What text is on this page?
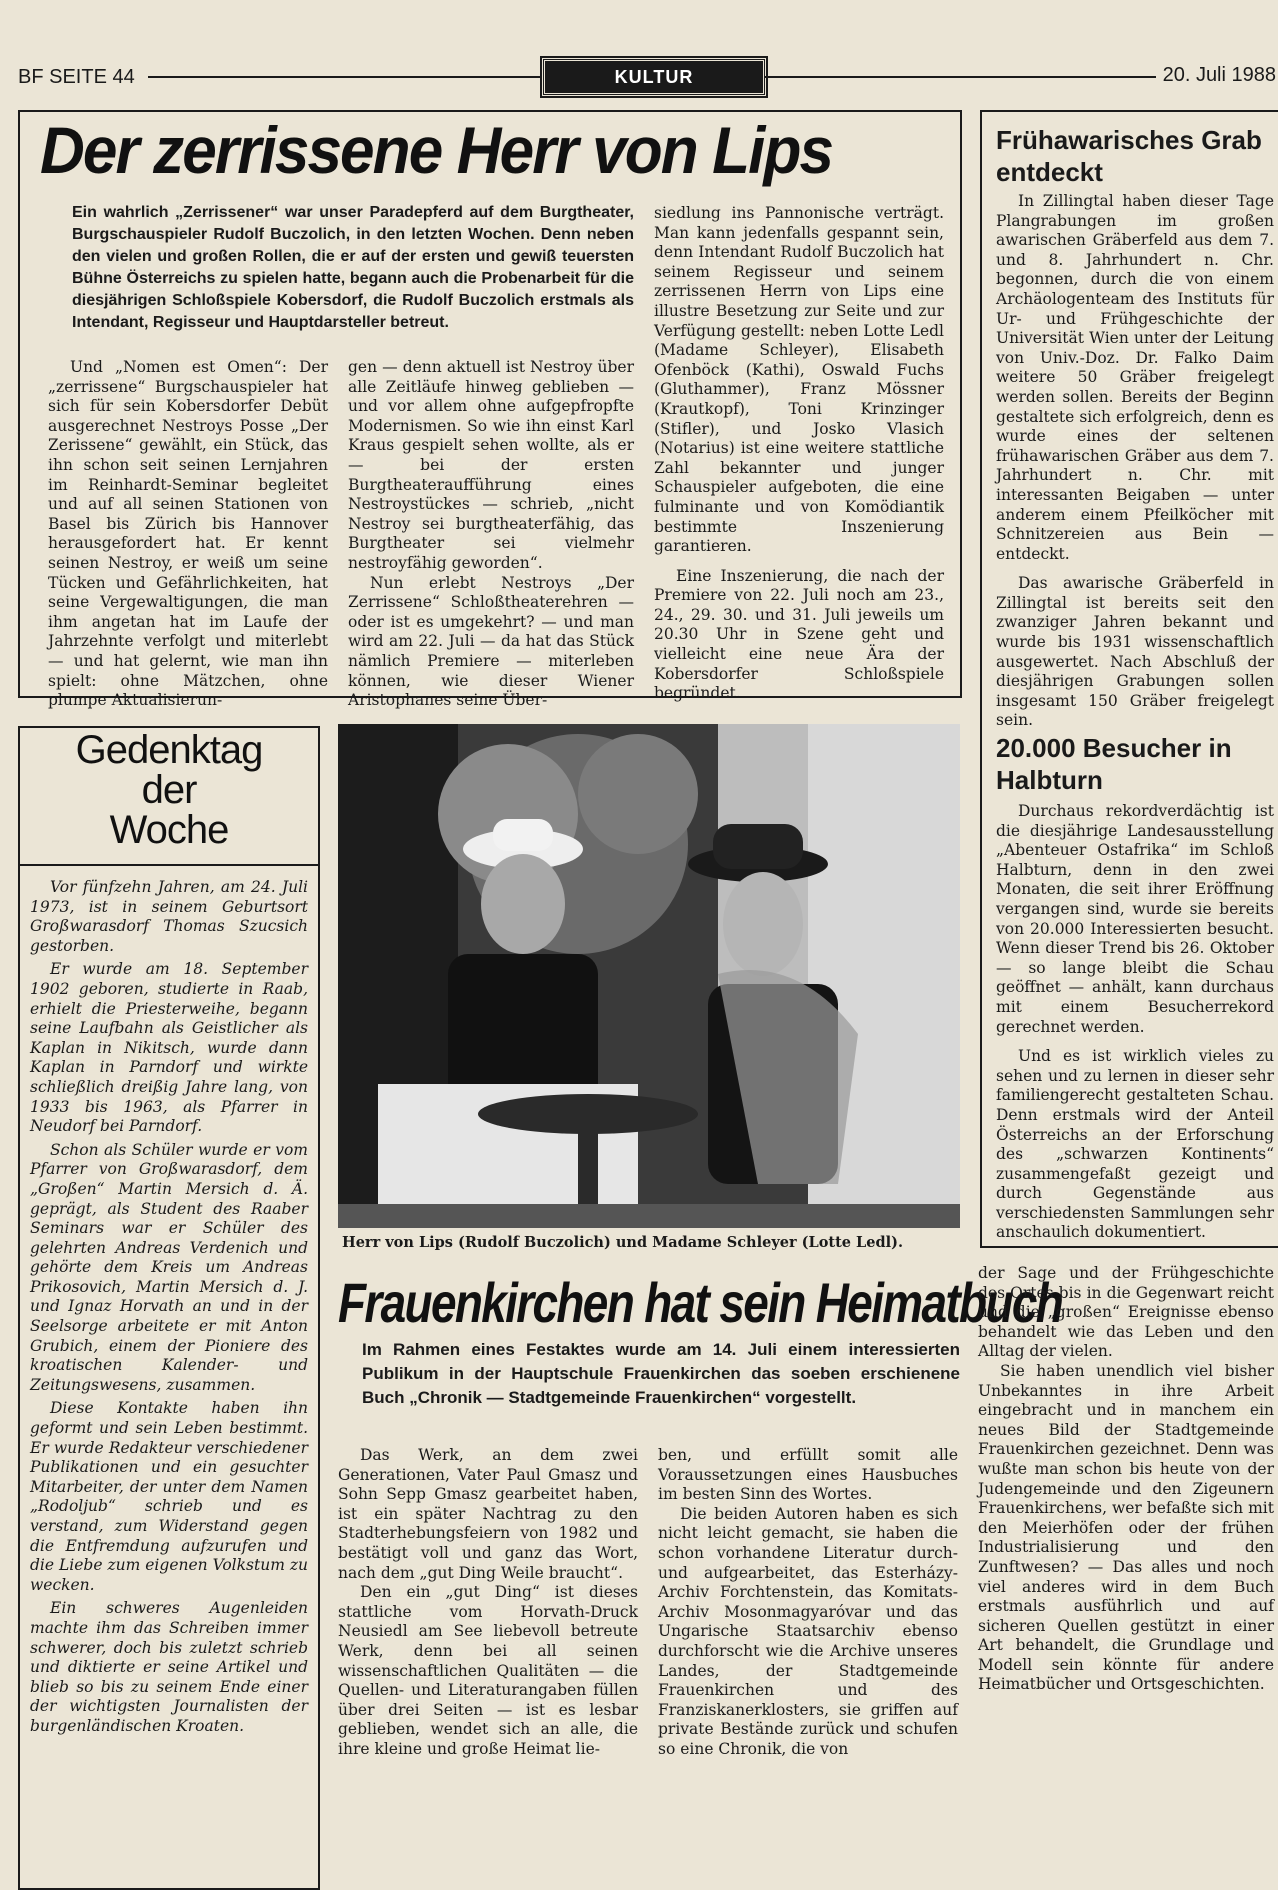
BF SEITE 44	KULTUR	20. Juli 1988
Der zerrissene Herr von Lips
Ein wahrlich „Zerrissener“ war unser Paradepferd auf dem Burgtheater, Burgschauspieler Rudolf Buczolich, in den letzten Wochen. Denn neben den vielen und großen Rollen, die er auf der ersten und gewiß teuersten Bühne Österreichs zu spielen hatte, begann auch die Probenarbeit für die diesjährigen Schloßspiele Kobersdorf, die Rudolf Buczolich erstmals als Intendant, Regisseur und Hauptdarsteller betreut.

Und „Nomen est Omen“: Der „zerrissene“ Burgschauspieler hat sich für sein Kobersdorfer Debüt ausgerechnet Nestroys Posse „Der Zerissene“ gewählt, ein Stück, das ihn schon seit seinen Lernjahren im Reinhardt-Seminar begleitet und auf all seinen Stationen von Basel bis Zürich bis Hannover herausgefordert hat. Er kennt seinen Nestroy, er weiß um seine Tücken und Gefährlichkeiten, hat seine Vergewaltigungen, die man ihm angetan hat im Laufe der Jahrzehnte verfolgt und miterlebt — und hat gelernt, wie man ihn spielt: ohne Mätzchen, ohne plumpe Aktualisierun-

gen — denn aktuell ist Nestroy über alle Zeitläufe hinweg geblieben — und vor allem ohne aufgepfropfte Modernismen. So wie ihn einst Karl Kraus gespielt sehen wollte, als er — bei der ersten Burgtheateraufführung eines Nestroystückes — schrieb, „nicht Nestroy sei burgtheaterfähig, das Burgtheater sei vielmehr nestroyfähig geworden“.

Nun erlebt Nestroys „Der Zerrissene“ Schloßtheaterehren — oder ist es umgekehrt? — und man wird am 22. Juli — da hat das Stück nämlich Premiere — miterleben können, wie dieser Wiener Aristophanes seine Über-

siedlung ins Pannonische verträgt. Man kann jedenfalls gespannt sein, denn Intendant Rudolf Buczolich hat seinem Regisseur und seinem zerrissenen Herrn von Lips eine illustre Besetzung zur Seite und zur Verfügung gestellt: neben Lotte Ledl (Madame Schleyer), Elisabeth Ofenböck (Kathi), Oswald Fuchs (Gluthammer), Franz Mössner (Krautkopf), Toni Krinzinger (Stifler), und Josko Vlasich (Notarius) ist eine weitere stattliche Zahl bekannter und junger Schauspieler aufgeboten, die eine fulminante und von Komödiantik bestimmte Inszenierung garantieren.

Eine Inszenierung, die nach der Premiere von 22. Juli noch am 23., 24., 29. 30. und 31. Juli jeweils um 20.30 Uhr in Szene geht und vielleicht eine neue Ära der Kobersdorfer Schloßspiele begründet.

Frühawarisches Grab entdeckt

In Zillingtal haben dieser Tage Plangrabungen im großen awarischen Gräberfeld aus dem 7. und 8. Jahrhundert n. Chr. begonnen, durch die von einem Archäologenteam des Instituts für Ur- und Frühgeschichte der Universität Wien unter der Leitung von Univ.-Doz. Dr. Falko Daim weitere 50 Gräber freigelegt werden sollen. Bereits der Beginn gestaltete sich erfolgreich, denn es wurde eines der seltenen frühawarischen Gräber aus dem 7. Jahrhundert n. Chr. mit interessanten Beigaben — unter anderem einem Pfeilköcher mit Schnitzereien aus Bein — entdeckt.

Das awarische Gräberfeld in Zillingtal ist bereits seit den zwanziger Jahren bekannt und wurde bis 1931 wissenschaftlich ausgewertet. Nach Abschluß der diesjährigen Grabungen sollen insgesamt 150 Gräber freigelegt sein.

20.000 Besucher in Halbturn

Durchaus rekordverdächtig ist die diesjährige Landesausstellung „Abenteuer Ostafrika“ im Schloß Halbturn, denn in den zwei Monaten, die seit ihrer Eröffnung vergangen sind, wurde sie bereits von 20.000 Interessierten besucht. Wenn dieser Trend bis 26. Oktober — so lange bleibt die Schau geöffnet — anhält, kann durchaus mit einem Besucherrekord gerechnet werden.

Und es ist wirklich vieles zu sehen und zu lernen in dieser sehr familiengerecht gestalteten Schau. Denn erstmals wird der Anteil Österreichs an der Erforschung des „schwarzen Kontinents“ zusammengefaßt gezeigt und durch Gegenstände aus verschiedensten Sammlungen sehr anschaulich dokumentiert.

Gedenktag
der
Woche

Vor fünfzehn Jahren, am 24. Juli 1973, ist in seinem Geburtsort Großwarasdorf Thomas Szucsich gestorben.

Er wurde am 18. September 1902 geboren, studierte in Raab, erhielt die Priesterweihe, begann seine Laufbahn als Geistlicher als Kaplan in Nikitsch, wurde dann Kaplan in Parndorf und wirkte schließlich dreißig Jahre lang, von 1933 bis 1963, als Pfarrer in Neudorf bei Parndorf.

Schon als Schüler wurde er vom Pfarrer von Großwarasdorf, dem „Großen“ Martin Mersich d. Ä. geprägt, als Student des Raaber Seminars war er Schüler des gelehrten Andreas Verdenich und gehörte dem Kreis um Andreas Prikosovich, Martin Mersich d. J. und Ignaz Horvath an und in der Seelsorge arbeitete er mit Anton Grubich, einem der Pioniere des kroatischen Kalender- und Zeitungswesens, zusammen.

Diese Kontakte haben ihn geformt und sein Leben bestimmt. Er wurde Redakteur verschiedener Publikationen und ein gesuchter Mitarbeiter, der unter dem Namen „Rodoljub“ schrieb und es verstand, zum Widerstand gegen die Entfremdung aufzurufen und die Liebe zum eigenen Volkstum zu wecken.

Ein schweres Augenleiden machte ihm das Schreiben immer schwerer, doch bis zuletzt schrieb und diktierte er seine Artikel und blieb so bis zu seinem Ende einer der wichtigsten Journalisten der burgenländischen Kroaten.

Herr von Lips (Rudolf Buczolich) und Madame Schleyer (Lotte Ledl).
Frauenkirchen hat sein Heimatbuch
Im Rahmen eines Festaktes wurde am 14. Juli einem interessierten Publikum in der Hauptschule Frauenkirchen das soeben erschienene Buch „Chronik — Stadtgemeinde Frauenkirchen“ vorgestellt.

Das Werk, an dem zwei Generationen, Vater Paul Gmasz und Sohn Sepp Gmasz gearbeitet haben, ist ein später Nachtrag zu den Stadterhebungsfeiern von 1982 und bestätigt voll und ganz das Wort, nach dem „gut Ding Weile braucht“.

Den ein „gut Ding“ ist dieses stattliche vom Horvath-Druck Neusiedl am See liebevoll betreute Werk, denn bei all seinen wissenschaftlichen Qualitäten — die Quellen- und Literaturangaben füllen über drei Seiten — ist es lesbar geblieben, wendet sich an alle, die ihre kleine und große Heimat lie-

ben, und erfüllt somit alle Voraussetzungen eines Hausbuches im besten Sinn des Wortes.

Die beiden Autoren haben es sich nicht leicht gemacht, sie haben die schon vorhandene Literatur durch- und aufgearbeitet, das Esterházy-Archiv Forchtenstein, das Komitats-Archiv Mosonmagyaróvar und das Ungarische Staatsarchiv ebenso durchforscht wie die Archive unseres Landes, der Stadtgemeinde Frauenkirchen und des Franziskanerklosters, sie griffen auf private Bestände zurück und schufen so eine Chronik, die von

der Sage und der Frühgeschichte des Ortes bis in die Gegenwart reicht und die „großen“ Ereignisse ebenso behandelt wie das Leben und den Alltag der vielen.

Sie haben unendlich viel bisher Unbekanntes in ihre Arbeit eingebracht und in manchem ein neues Bild der Stadtgemeinde Frauenkirchen gezeichnet. Denn was wußte man schon bis heute von der Judengemeinde und den Zigeunern Frauenkirchens, wer befaßte sich mit den Meierhöfen oder der frühen Industrialisierung und den Zunftwesen? — Das alles und noch viel anderes wird in dem Buch erstmals ausführlich und auf sicheren Quellen gestützt in einer Art behandelt, die Grundlage und Modell sein könnte für andere Heimatbücher und Ortsgeschichten.
